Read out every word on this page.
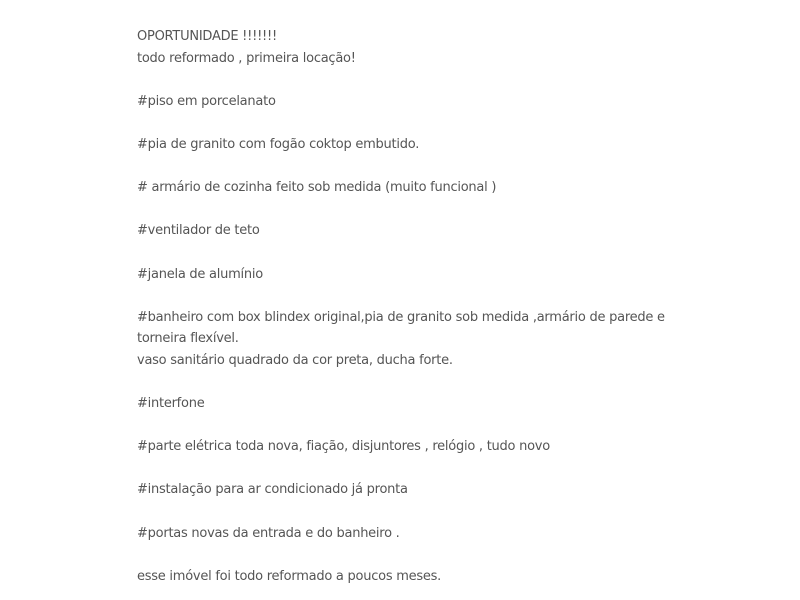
OPORTUNIDADE !!!!!!!
todo reformado , primeira locação!
#piso em porcelanato
#pia de granito com fogão coktop embutido.
# armário de cozinha feito sob medida (muito funcional )
#ventilador de teto
#janela de alumínio
#banheiro com box blindex original,pia de granito sob medida ,armário de parede e
torneira flexível.
vaso sanitário quadrado da cor preta, ducha forte.
#interfone
#parte elétrica toda nova, fiação, disjuntores , relógio , tudo novo
#instalação para ar condicionado já pronta
#portas novas da entrada e do banheiro .
esse imóvel foi todo reformado a poucos meses.
